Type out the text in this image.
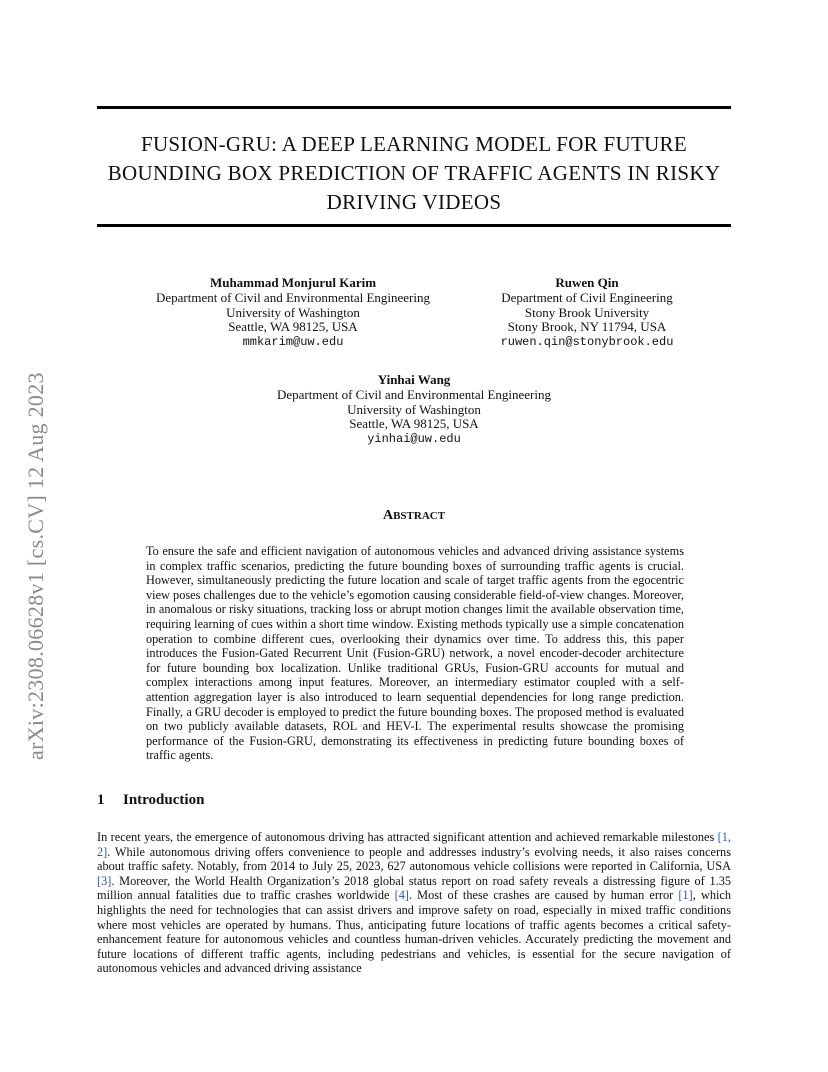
arXiv:2308.06628v1 [cs.CV] 12 Aug 2023
FUSION-GRU: A DEEP LEARNING MODEL FOR FUTURE
BOUNDING BOX PREDICTION OF TRAFFIC AGENTS IN RISKY
DRIVING VIDEOS
Muhammad Monjurul Karim
Department of Civil and Environmental Engineering
University of Washington
Seattle, WA 98125, USA
mmkarim@uw.edu
Ruwen Qin
Department of Civil Engineering
Stony Brook University
Stony Brook, NY 11794, USA
ruwen.qin@stonybrook.edu
Yinhai Wang
Department of Civil and Environmental Engineering
University of Washington
Seattle, WA 98125, USA
yinhai@uw.edu
ABSTRACT
To ensure the safe and efficient navigation of autonomous vehicles and advanced driving assistance systems in complex traffic scenarios, predicting the future bounding boxes of surrounding traffic agents is crucial. However, simultaneously predicting the future location and scale of target traffic agents from the egocentric view poses challenges due to the vehicle’s egomotion causing considerable field-of-view changes. Moreover, in anomalous or risky situations, tracking loss or abrupt motion changes limit the available observation time, requiring learning of cues within a short time window. Existing methods typically use a simple concatenation operation to combine different cues, overlooking their dynamics over time. To address this, this paper introduces the Fusion-Gated Recurrent Unit (Fusion-GRU) network, a novel encoder-decoder architecture for future bounding box localization. Unlike traditional GRUs, Fusion-GRU accounts for mutual and complex interactions among input features. Moreover, an intermediary estimator coupled with a self-attention aggregation layer is also introduced to learn sequential dependencies for long range prediction. Finally, a GRU decoder is employed to predict the future bounding boxes. The proposed method is evaluated on two publicly available datasets, ROL and HEV-I. The experimental results showcase the promising performance of the Fusion-GRU, demonstrating its effectiveness in predicting future bounding boxes of traffic agents.
1 Introduction
In recent years, the emergence of autonomous driving has attracted significant attention and achieved remarkable milestones [1, 2]. While autonomous driving offers convenience to people and addresses industry’s evolving needs, it also raises concerns about traffic safety. Notably, from 2014 to July 25, 2023, 627 autonomous vehicle collisions were reported in California, USA [3]. Moreover, the World Health Organization’s 2018 global status report on road safety reveals a distressing figure of 1.35 million annual fatalities due to traffic crashes worldwide [4]. Most of these crashes are caused by human error [1], which highlights the need for technologies that can assist drivers and improve safety on road, especially in mixed traffic conditions where most vehicles are operated by humans. Thus, anticipating future locations of traffic agents becomes a critical safety-enhancement feature for autonomous vehicles and countless human-driven vehicles. Accurately predicting the movement and future locations of different traffic agents, including pedestrians and vehicles, is essential for the secure navigation of autonomous vehicles and advanced driving assistance
